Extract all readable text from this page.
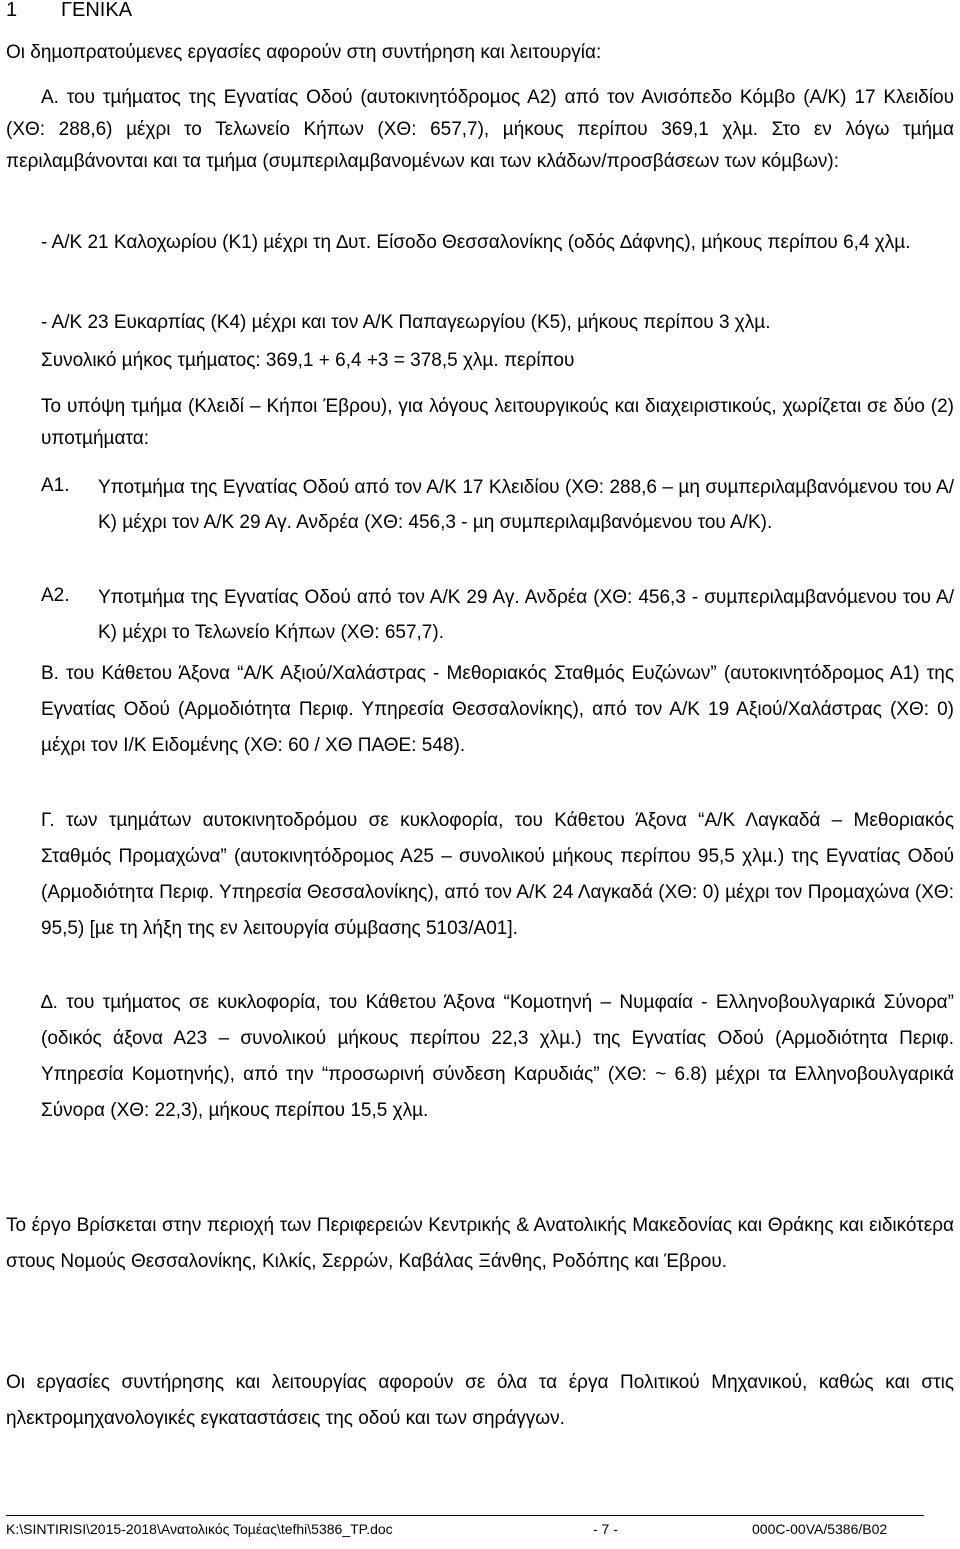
1 ΓΕΝΙΚΑ
Οι δηµοπρατούµενες εργασίες αφορούν στη συντήρηση και λειτουργία:
Α. του τµήµατος της Εγνατίας Οδού (αυτοκινητόδροµος Α2) από τον Ανισόπεδο Κόµβο (Α/Κ) 17 Κλειδίου (ΧΘ: 288,6) µέχρι το Τελωνείο Κήπων (ΧΘ: 657,7), µήκους περίπου 369,1 χλµ. Στο εν λόγω τµήµα περιλαµβάνονται και τα τµήµα (συµπεριλαµβανοµένων και των κλάδων/προσβάσεων των κόµβων):
- Α/Κ 21 Καλοχωρίου (Κ1) µέχρι τη ∆υτ. Είσοδο Θεσσαλονίκης (οδός ∆άφνης), µήκους περίπου 6,4 χλµ.
- Α/Κ 23 Ευκαρπίας (Κ4) µέχρι και τον Α/Κ Παπαγεωργίου (Κ5), µήκους περίπου 3 χλµ.
Συνολικό µήκος τµήµατος: 369,1 + 6,4 +3 = 378,5 χλµ. περίπου
Το υπόψη τµήµα (Κλειδί – Κήποι Έβρου), για λόγους λειτουργικούς και διαχειριστικούς, χωρίζεται σε δύο (2) υποτµήµατα:
Α1. Υποτµήµα της Εγνατίας Οδού από τον Α/Κ 17 Κλειδίου (ΧΘ: 288,6 – µη συµπεριλαµβανόµενου του Α/Κ) µέχρι τον Α/Κ 29 Αγ. Ανδρέα (ΧΘ: 456,3 - µη συµπεριλαµβανόµενου του Α/Κ).
Α2. Υποτµήµα της Εγνατίας Οδού από τον Α/Κ 29 Αγ. Ανδρέα (ΧΘ: 456,3 - συµπεριλαµβανόµενου του Α/Κ) µέχρι το Τελωνείο Κήπων (ΧΘ: 657,7).
Β. του Κάθετου Άξονα “Α/Κ Αξιού/Χαλάστρας - Μεθοριακός Σταθµός Ευζώνων” (αυτοκινητόδροµος Α1) της Εγνατίας Οδού (Αρµοδιότητα Περιφ. Υπηρεσία Θεσσαλονίκης), από τον Α/Κ 19 Αξιού/Χαλάστρας (ΧΘ: 0) µέχρι τον Ι/Κ Ειδοµένης (ΧΘ: 60 / ΧΘ ΠΑΘΕ: 548).
Γ. των τµηµάτων αυτοκινητοδρόµου σε κυκλοφορία, του Κάθετου Άξονα “Α/Κ Λαγκαδά – Μεθοριακός Σταθµός Προµαχώνα” (αυτοκινητόδροµος Α25 – συνολικού µήκους περίπου 95,5 χλµ.) της Εγνατίας Οδού (Αρµοδιότητα Περιφ. Υπηρεσία Θεσσαλονίκης), από τον Α/Κ 24 Λαγκαδά (ΧΘ: 0) µέχρι τον Προµαχώνα (ΧΘ: 95,5) [µε τη λήξη της εν λειτουργία σύµβασης 5103/Α01].
∆. του τµήµατος σε κυκλοφορία, του Κάθετου Άξονα “Κοµοτηνή – Νυµφαία - Ελληνοβουλγαρικά Σύνορα” (οδικός άξονα Α23 – συνολικού µήκους περίπου 22,3 χλµ.) της Εγνατίας Οδού (Αρµοδιότητα Περιφ. Υπηρεσία Κοµοτηνής), από την “προσωρινή σύνδεση Καρυδιάς” (ΧΘ: ~ 6.8) µέχρι τα Ελληνοβουλγαρικά Σύνορα (ΧΘ: 22,3), µήκους περίπου 15,5 χλµ.
Το έργο Βρίσκεται στην περιοχή των Περιφερειών Κεντρικής & Ανατολικής Μακεδονίας και Θράκης και ειδικότερα στους Νοµούς Θεσσαλονίκης, Κιλκίς, Σερρών, Καβάλας Ξάνθης, Ροδόπης και Έβρου.
Οι εργασίες συντήρησης και λειτουργίας αφορούν σε όλα τα έργα Πολιτικού Μηχανικού, καθώς και στις ηλεκτροµηχανολογικές εγκαταστάσεις της οδού και των σηράγγων.
K:\SINTIRISI\2015-2018\Ανατολικός Τοµέας\tefhi\5386_TP.doc	- 7 -	000C-00VA/5386/B02
